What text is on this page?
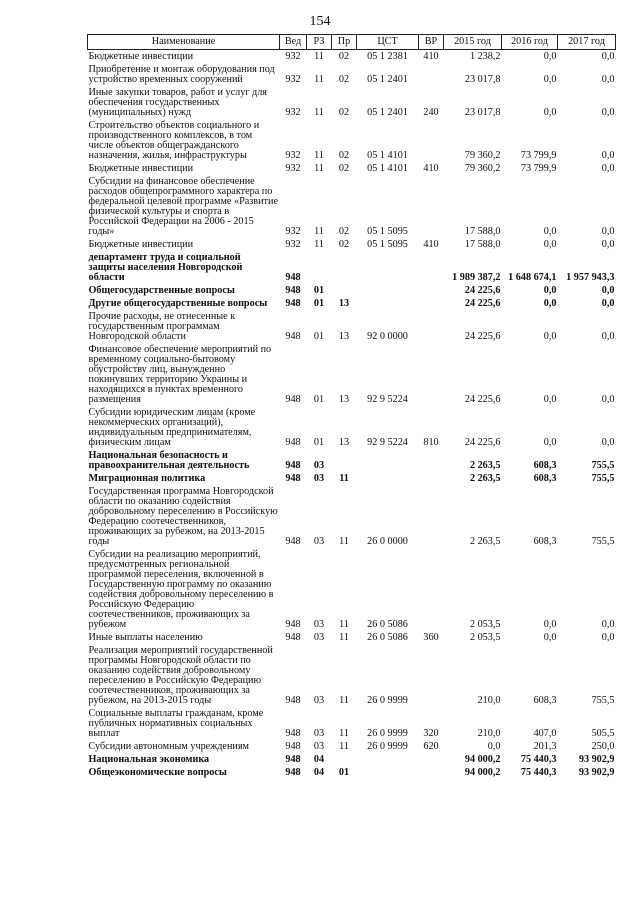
154
Наименование	Вед	РЗ	Пр	ЦСТ	ВР	2015 год	2016 год	2017 год
Бюджетные инвестиции	932	11	02	05 1 2381	410	1 238,2	0,0	0,0
Приобретение и монтаж оборудования под устройство временных сооружений	932	11	02	05 1 2401		23 017,8	0,0	0,0
Иные закупки товаров, работ и услуг для обеспечения государственных (муниципальных) нужд	932	11	02	05 1 2401	240	23 017,8	0,0	0,0
Строительство объектов социального и производственного комплексов, в том числе объектов общегражданского назначения, жилья, инфраструктуры	932	11	02	05 1 4101		79 360,2	73 799,9	0,0
Бюджетные инвестиции	932	11	02	05 1 4101	410	79 360,2	73 799,9	0,0
Субсидии на финансовое обеспечение расходов общепрограммного характера по федеральной целевой программе «Развитие физической культуры и спорта в Российской Федерации на 2006 - 2015 годы»	932	11	02	05 1 5095		17 588,0	0,0	0,0
Бюджетные инвестиции	932	11	02	05 1 5095	410	17 588,0	0,0	0,0
департамент труда и социальной защиты населения Новгородской области	948					1 989 387,2	1 648 674,1	1 957 943,3
Общегосударственные вопросы	948	01				24 225,6	0,0	0,0
Другие общегосударственные вопросы	948	01	13			24 225,6	0,0	0,0
Прочие расходы, не отнесенные к государственным программам Новгородской области	948	01	13	92 0 0000		24 225,6	0,0	0,0
Финансовое обеспечение мероприятий по временному социально-бытовому обустройству лиц, вынужденно покинувших территорию Украины и находящихся в пунктах временного размещения	948	01	13	92 9 5224		24 225,6	0,0	0,0
Субсидии юридическим лицам (кроме некоммерческих организаций), индивидуальным предпринимателям, физическим лицам	948	01	13	92 9 5224	810	24 225,6	0,0	0,0
Национальная безопасность и правоохранительная деятельность	948	03				2 263,5	608,3	755,5
Миграционная политика	948	03	11			2 263,5	608,3	755,5
Государственная программа Новгородской области по оказанию содействия добровольному переселению в Российскую Федерацию соотечественников, проживающих за рубежом, на 2013-2015 годы	948	03	11	26 0 0000		2 263,5	608,3	755,5
Субсидии на реализацию мероприятий, предусмотренных региональной программой переселения, включенной в Государственную программу по оказанию содействия добровольному переселению в Российскую Федерацию соотечественников, проживающих за рубежом	948	03	11	26 0 5086		2 053,5	0,0	0,0
Иные выплаты населению	948	03	11	26 0 5086	360	2 053,5	0,0	0,0
Реализация мероприятий государственной программы Новгородской области по оказанию содействия добровольному переселению в Российскую Федерацию соотечественников, проживающих за рубежом, на 2013-2015 годы	948	03	11	26 0 9999		210,0	608,3	755,5
Социальные выплаты гражданам, кроме публичных нормативных социальных выплат	948	03	11	26 0 9999	320	210,0	407,0	505,5
Субсидии автономным учреждениям	948	03	11	26 0 9999	620	0,0	201,3	250,0
Национальная экономика	948	04				94 000,2	75 440,3	93 902,9
Общеэкономические вопросы	948	04	01			94 000,2	75 440,3	93 902,9
